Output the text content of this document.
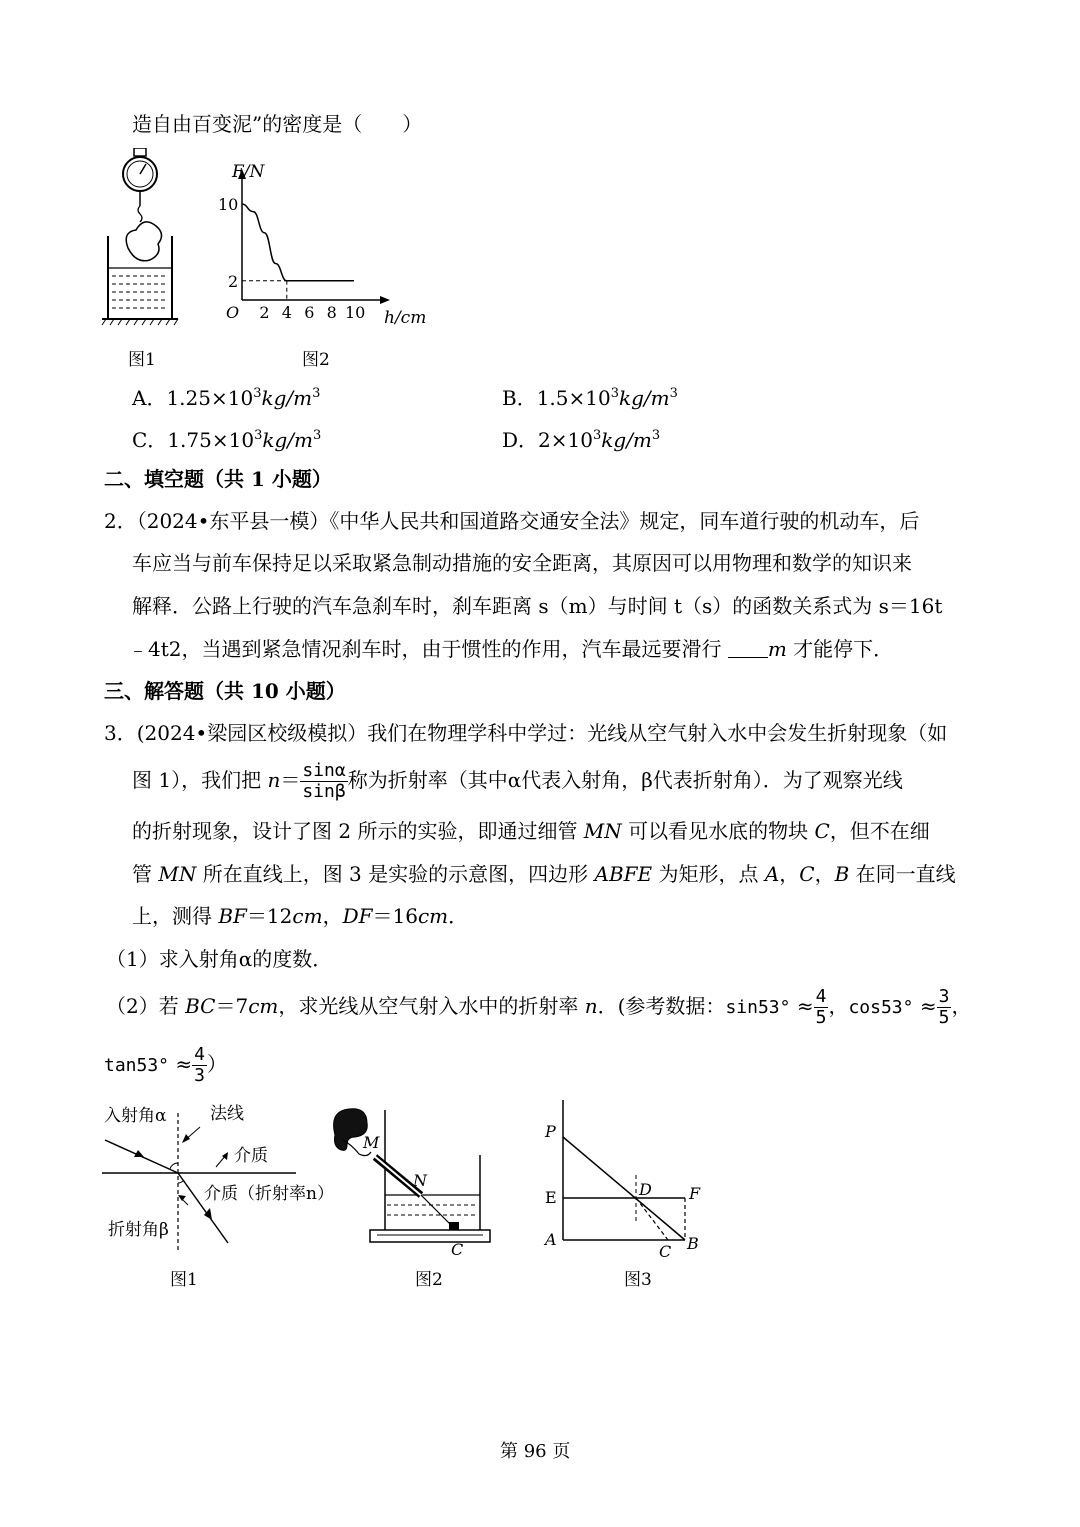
造自由百变泥”的密度是（　　）
F/N
h/cm
O 2 4 6 8 10
10
2
图1	图2
A．$1.25\times 10^3kg/m^3$	B．$1.5\times 10^3kg/m^3$
C．$1.75\times 10^3kg/m^3$	D．$2\times 10^3kg/m^3$
二、填空题（共 1 小题）
2．（2024•东平县一模）《中华人民共和国道路交通安全法》规定，同车道行驶的机动车，后
车应当与前车保持足以采取紧急制动措施的安全距离，其原因可以用物理和数学的知识来
解释．公路上行驶的汽车急刹车时，刹车距离 s（m）与时间 t（s）的函数关系式为 s＝16t
﹣4t2，当遇到紧急情况刹车时，由于惯性的作用，汽车最远要滑行 m 才能停下．
三、解答题（共 10 小题）
3．(2024•梁园区校级模拟）我们在物理学科中学过：光线从空气射入水中会发生折射现象（如
图 1），我们把 $n= \frac{\sin\alpha}{\sin\beta}$ 称为折射率（其中α代表入射角，β代表折射角）．为了观察光线
的折射现象，设计了图 2 所示的实验，即通过细管 MN 可以看见水底的物块 C，但不在细
管 MN 所在直线上，图 3 是实验的示意图，四边形 ABFE 为矩形，点 A，C，B 在同一直线
上，测得 BF＝12cm，DF＝16cm．
（1）求入射角α的度数．
（2）若 BC＝7cm，求光线从空气射入水中的折射率 n．(参考数据：$\sin 53^\circ \approx \frac{4}{5}$ ，$\cos 53^\circ \approx \frac{3}{5}$ ，
$\tan 53^\circ \approx \frac{4}{3}$ ）
入射角α	法线
介质
介质（折射率n）
折射角β
M
N
C
P
E
A
D F
C B
图1	图2	图3
第 96 页
